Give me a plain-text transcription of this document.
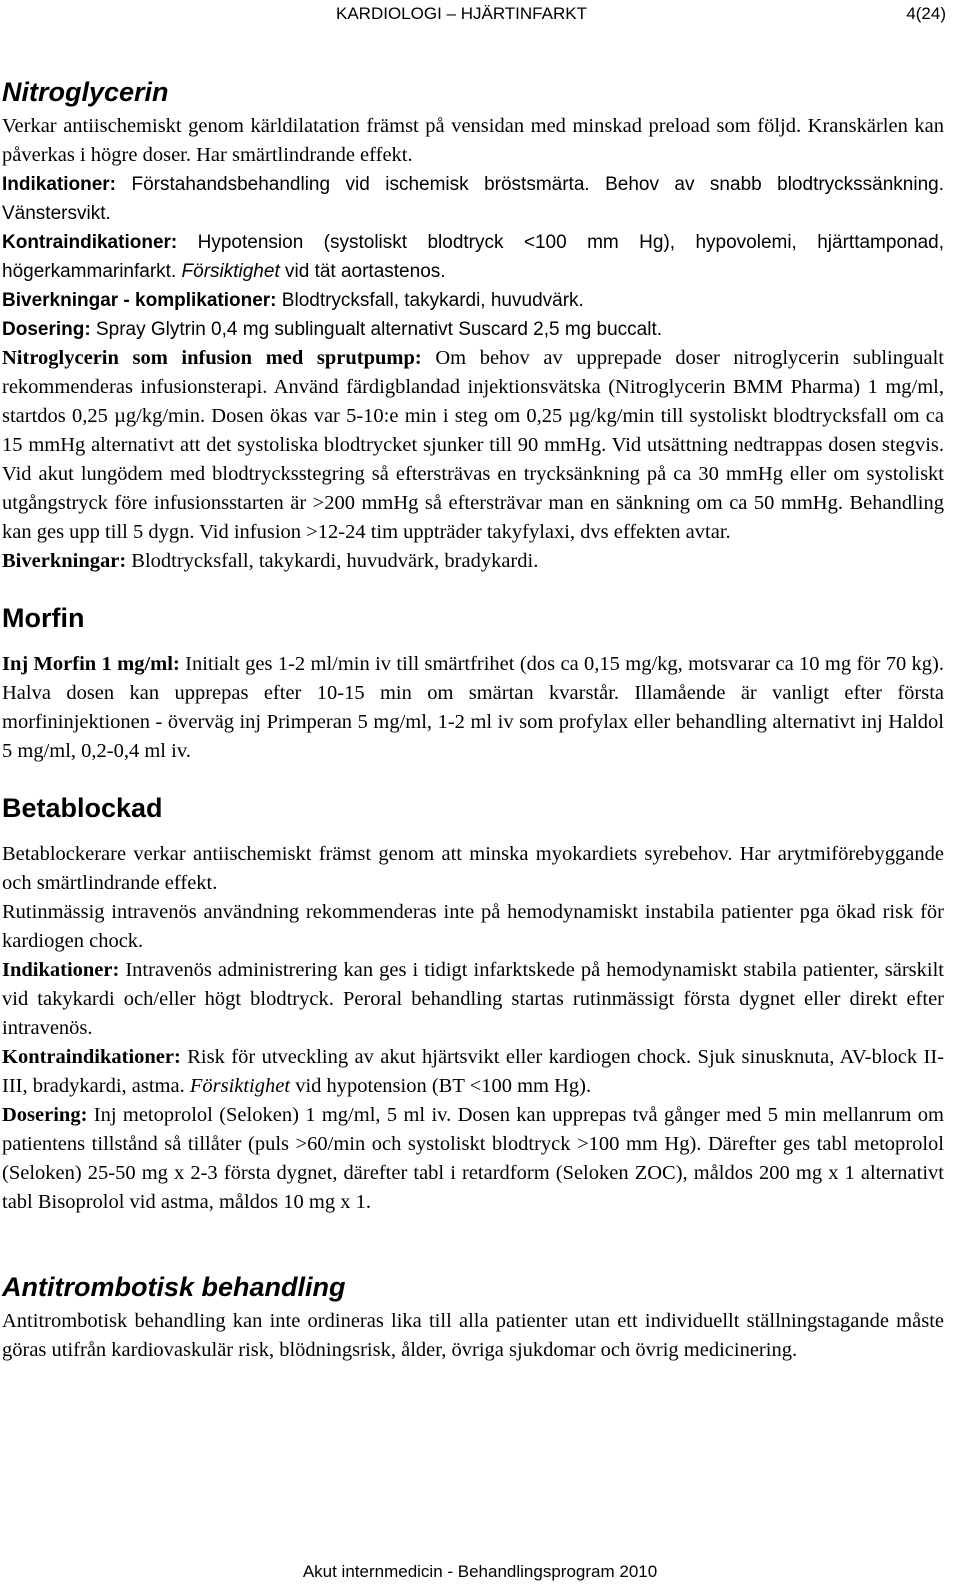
KARDIOLOGI – HJÄRTINFARKT	4(24)
Nitroglycerin

Verkar antiischemiskt genom kärldilatation främst på vensidan med minskad preload som följd. Kranskärlen kan påverkas i högre doser. Har smärtlindrande effekt.

Indikationer: Förstahandsbehandling vid ischemisk bröstsmärta. Behov av snabb blodtryckssänkning. Vänstersvikt.

Kontraindikationer: Hypotension (systoliskt blodtryck <100 mm Hg), hypovolemi, hjärttamponad, högerkammarinfarkt. Försiktighet vid tät aortastenos.

Biverkningar - komplikationer: Blodtrycksfall, takykardi, huvudvärk.

Dosering: Spray Glytrin 0,4 mg sublingualt alternativt Suscard 2,5 mg buccalt.

Nitroglycerin som infusion med sprutpump: Om behov av upprepade doser nitroglycerin sublingualt rekommenderas infusionsterapi. Använd färdigblandad injektionsvätska (Nitroglycerin BMM Pharma) 1 mg/ml, startdos 0,25 µg/kg/min. Dosen ökas var 5-10:e min i steg om 0,25 µg/kg/min till systoliskt blodtrycksfall om ca 15 mmHg alternativt att det systoliska blodtrycket sjunker till 90 mmHg. Vid utsättning nedtrappas dosen stegvis. Vid akut lungödem med blodtrycksstegring så eftersträvas en trycksänkning på ca 30 mmHg eller om systoliskt utgångstryck före infusionsstarten är >200 mmHg så eftersträvar man en sänkning om ca 50 mmHg. Behandling kan ges upp till 5 dygn. Vid infusion >12-24 tim uppträder takyfylaxi, dvs effekten avtar.

Biverkningar: Blodtrycksfall, takykardi, huvudvärk, bradykardi.

Morfin

Inj Morfin 1 mg/ml: Initialt ges 1-2 ml/min iv till smärtfrihet (dos ca 0,15 mg/kg, motsvarar ca 10 mg för 70 kg). Halva dosen kan upprepas efter 10-15 min om smärtan kvarstår. Illamående är vanligt efter första morfininjektionen - överväg inj Primperan 5 mg/ml, 1-2 ml iv som profylax eller behandling alternativt inj Haldol 5 mg/ml, 0,2-0,4 ml iv.

Betablockad

Betablockerare verkar antiischemiskt främst genom att minska myokardiets syrebehov. Har arytmiförebyggande och smärtlindrande effekt.

Rutinmässig intravenös användning rekommenderas inte på hemodynamiskt instabila patienter pga ökad risk för kardiogen chock.

Indikationer: Intravenös administrering kan ges i tidigt infarktskede på hemodynamiskt stabila patienter, särskilt vid takykardi och/eller högt blodtryck. Peroral behandling startas rutinmässigt första dygnet eller direkt efter intravenös.

Kontraindikationer: Risk för utveckling av akut hjärtsvikt eller kardiogen chock. Sjuk sinusknuta, AV-block II-III, bradykardi, astma. Försiktighet vid hypotension (BT <100 mm Hg).

Dosering: Inj metoprolol (Seloken) 1 mg/ml, 5 ml iv. Dosen kan upprepas två gånger med 5 min mellanrum om patientens tillstånd så tillåter (puls >60/min och systoliskt blodtryck >100 mm Hg). Därefter ges tabl metoprolol (Seloken) 25-50 mg x 2-3 första dygnet, därefter tabl i retardform (Seloken ZOC), måldos 200 mg x 1 alternativt tabl Bisoprolol vid astma, måldos 10 mg x 1.

Antitrombotisk behandling

Antitrombotisk behandling kan inte ordineras lika till alla patienter utan ett individuellt ställningstagande måste göras utifrån kardiovaskulär risk, blödningsrisk, ålder, övriga sjukdomar och övrig medicinering.

Akut internmedicin - Behandlingsprogram 2010
